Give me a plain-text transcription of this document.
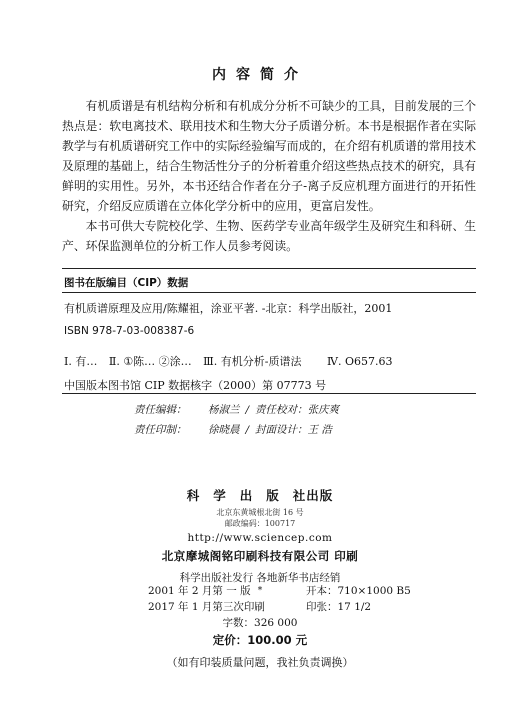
内容简介

有机质谱是有机结构分析和有机成分分析不可缺少的工具，目前发展的三个热点是：软电离技术、联用技术和生物大分子质谱分析。本书是根据作者在实际教学与有机质谱研究工作中的实际经验编写而成的，在介绍有机质谱的常用技术及原理的基础上，结合生物活性分子的分析着重介绍这些热点技术的研究，具有鲜明的实用性。另外，本书还结合作者在分子-离子反应机理方面进行的开拓性研究，介绍反应质谱在立体化学分析中的应用，更富启发性。

本书可供大专院校化学、生物、医药学专业高年级学生及研究生和科研、生产、环保监测单位的分析工作人员参考阅读。

图书在版编目（CIP）数据
有机质谱原理及应用/陈耀祖，涂亚平著. -北京：科学出版社，2001
ISBN 978-7-03-008387-6
Ⅰ. 有… Ⅱ. ①陈… ②涂… Ⅲ. 有机分析-质谱法 Ⅳ. O657.63
中国版本图书馆 CIP 数据核字（2000）第 07773 号
责任编辑： 杨淑兰 / 责任校对：张庆爽
责任印制： 徐晓晨 / 封面设计：王 浩
科学出版社出版
北京东黄城根北街 16 号
邮政编码：100717
http://www.sciencep.com
北京摩城阁铭印刷科技有限公司 印刷
科学出版社发行 各地新华书店经销
*
2001 年 2 月第 一 版	开本：710×1000 B5
2017 年 1 月第三次印刷	印张：17 1/2
字数：326 000
定价：100.00 元
（如有印装质量问题，我社负责调换）
